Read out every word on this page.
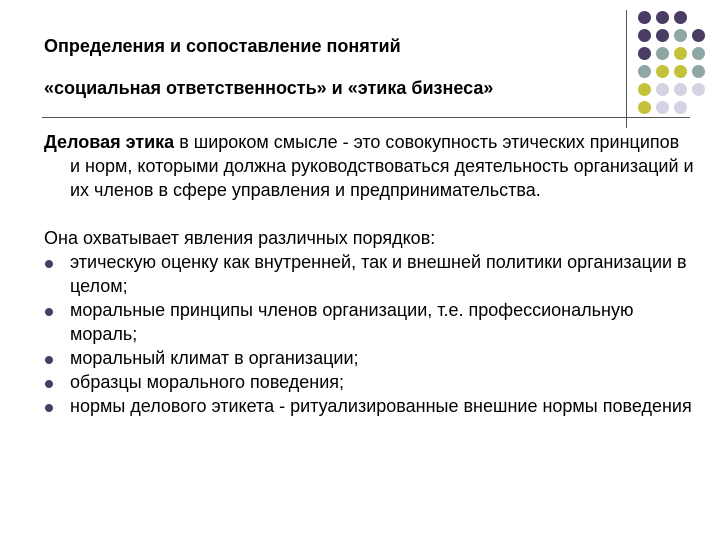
Определения и сопоставление понятий
«социальная ответственность» и «этика бизнеса»

Деловая этика в широком смысле - это совокупность этических принципов и норм, которыми должна руководствоваться деятельность организаций и их членов в сфере управления и предпринимательства.

Она охватывает явления различных порядков:

этическую оценку как внутренней, так и внешней политики организации в целом;
моральные принципы членов организации, т.е. профессиональную мораль;
моральный климат в организации;
образцы морального поведения;
нормы делового этикета - ритуализированные внешние нормы поведения
